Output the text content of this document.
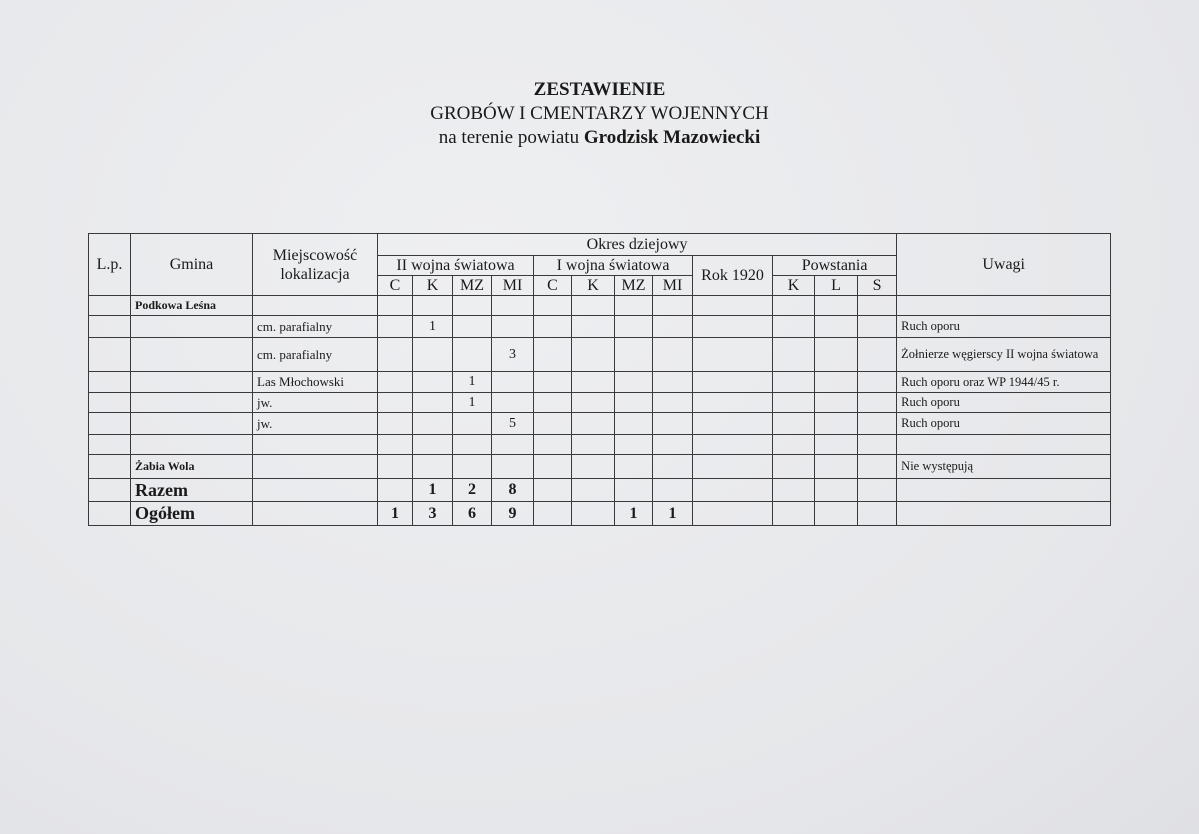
ZESTAWIENIE
GROBÓW I CMENTARZY WOJENNYCH
na terenie powiatu Grodzisk Mazowiecki
L.p.	Gmina	Miejscowość lokalizacja	Okres dziejowy												Uwagi
			II wojna światowa				I wojna światowa				Rok 1920	Powstania			
			C	K	MZ	MI	C	K	MZ	MI		K	L	S	
	Podkowa Leśna														
		cm. parafialny		1											Ruch oporu
		cm. parafialny				3									Żołnierze węgierscy II wojna światowa
		Las Młochowski			1										Ruch oporu oraz WP 1944/45 r.
		jw.			1										Ruch oporu
		jw.				5									Ruch oporu

	Żabia Wola														Nie występują
	Razem			1	2	8									
	Ogółem		1	3	6	9			1	1					
